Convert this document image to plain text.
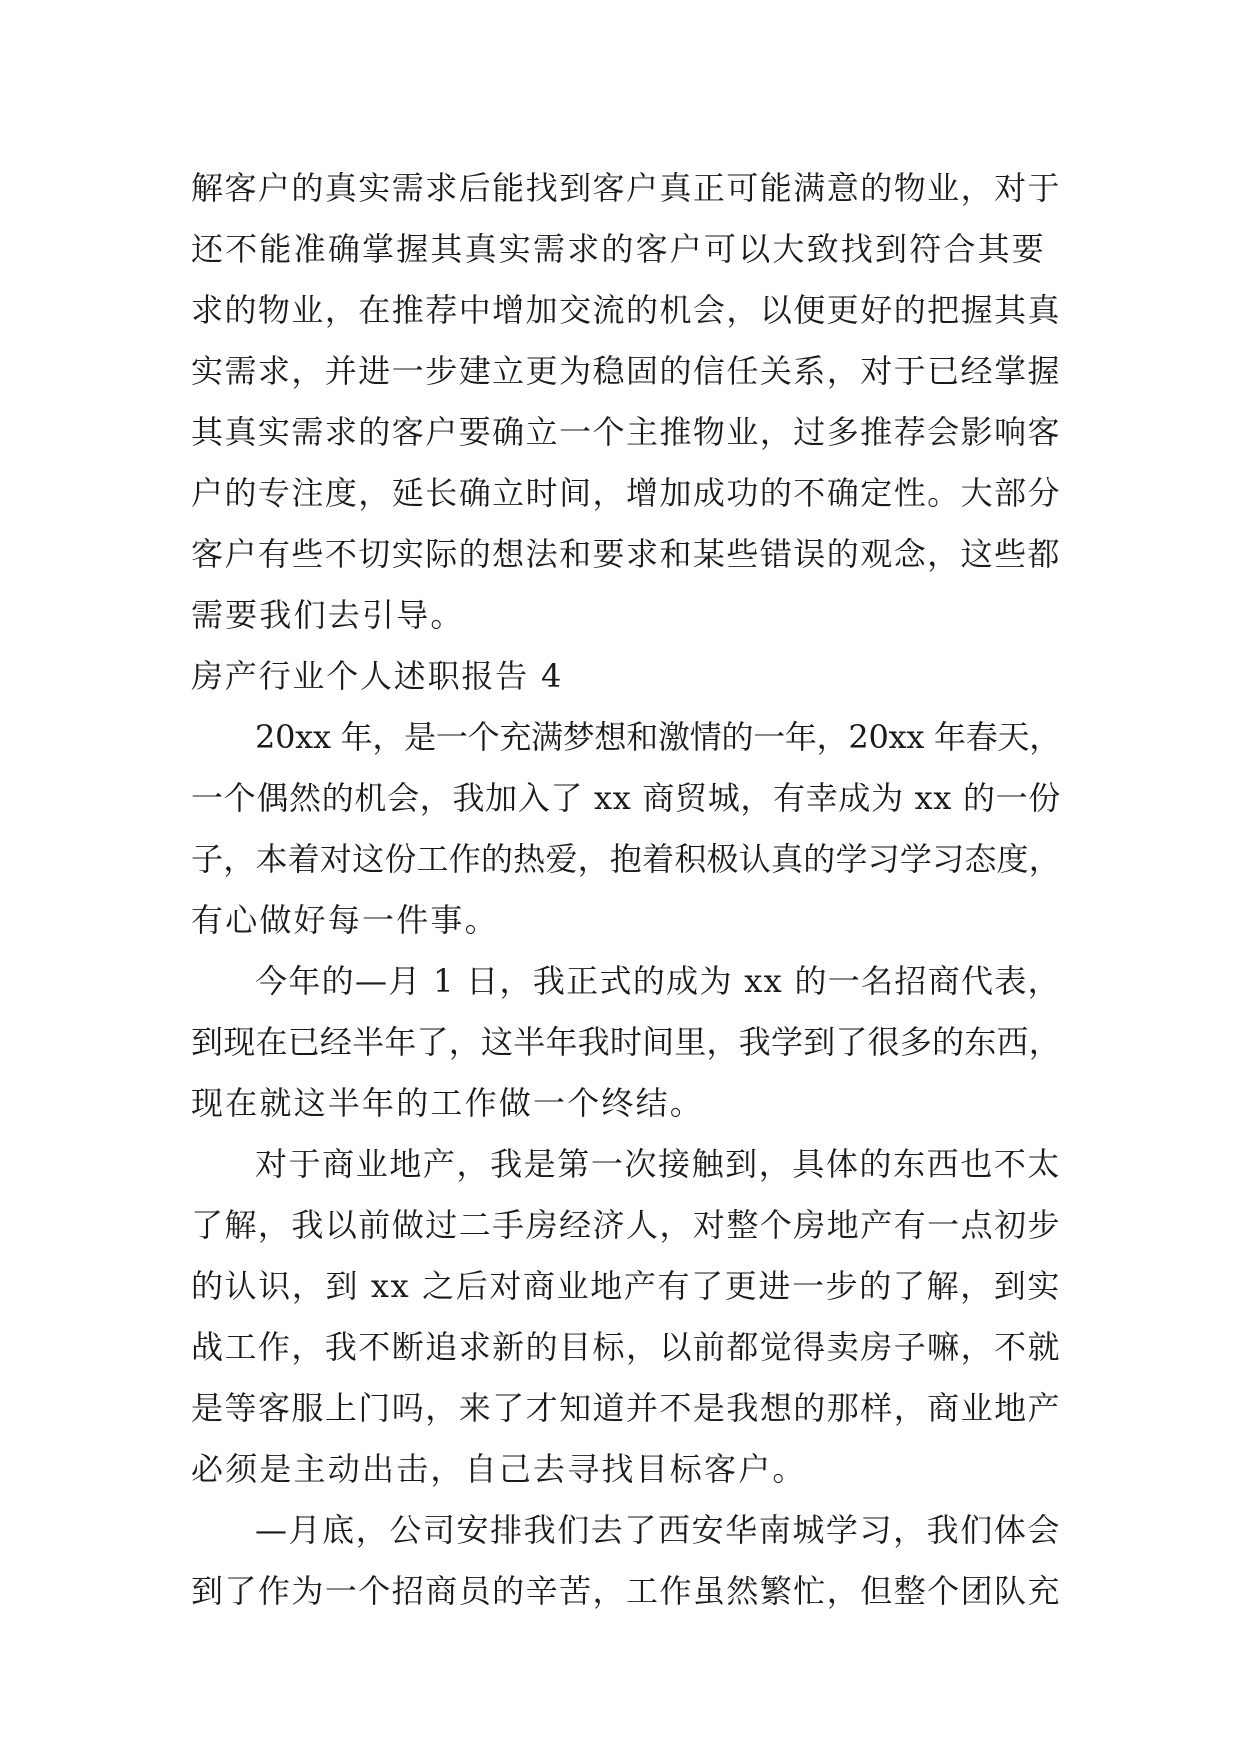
解客户的真实需求后能找到客户真正可能满意的物业，对于
还不能准确掌握其真实需求的客户可以大致找到符合其要
求的物业，在推荐中增加交流的机会，以便更好的把握其真
实需求，并进一步建立更为稳固的信任关系，对于已经掌握
其真实需求的客户要确立一个主推物业，过多推荐会影响客
户的专注度，延长确立时间，增加成功的不确定性。大部分
客户有些不切实际的想法和要求和某些错误的观念，这些都
需要我们去引导。
房产行业个人述职报告 4
20xx 年，是一个充满梦想和激情的一年，20xx 年春天，
一个偶然的机会，我加入了 xx 商贸城，有幸成为 xx 的一份
子，本着对这份工作的热爱，抱着积极认真的学习学习态度，
有心做好每一件事。
今年的—月 1 日，我正式的成为 xx 的一名招商代表，
到现在已经半年了，这半年我时间里，我学到了很多的东西，
现在就这半年的工作做一个终结。
对于商业地产，我是第一次接触到，具体的东西也不太
了解，我以前做过二手房经济人，对整个房地产有一点初步
的认识，到 xx 之后对商业地产有了更进一步的了解，到实
战工作，我不断追求新的目标，以前都觉得卖房子嘛，不就
是等客服上门吗，来了才知道并不是我想的那样，商业地产
必须是主动出击，自己去寻找目标客户。
—月底，公司安排我们去了西安华南城学习，我们体会
到了作为一个招商员的辛苦，工作虽然繁忙，但整个团队充
